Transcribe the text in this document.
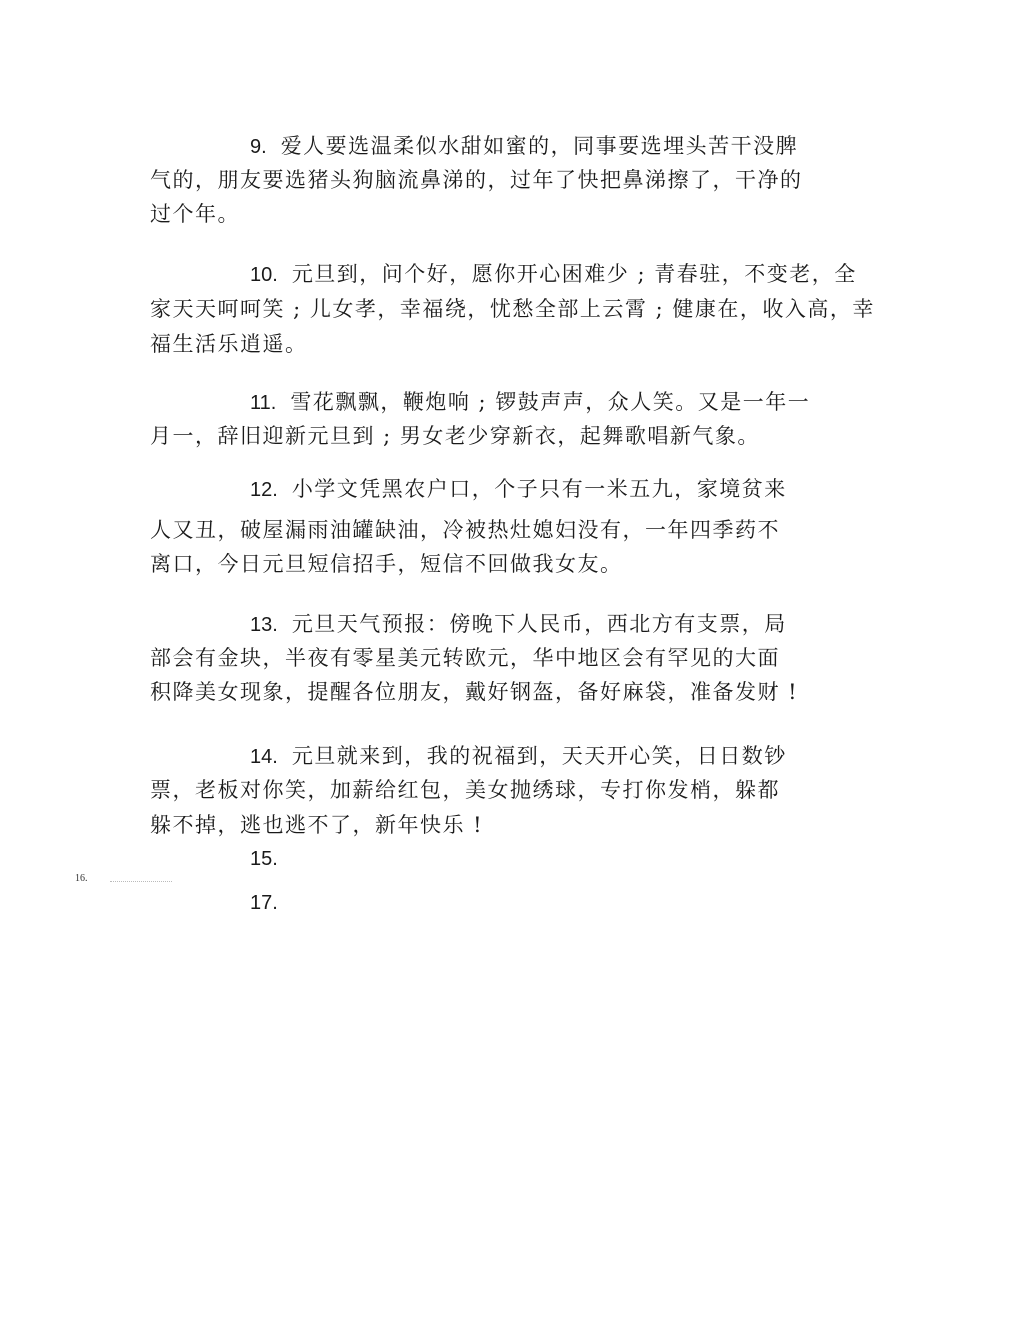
9. 爱人要选温柔似水甜如蜜的，同事要选埋头苦干没脾
气的，朋友要选猪头狗脑流鼻涕的，过年了快把鼻涕擦了，干净的
过个年。
10. 元旦到，问个好，愿你开心困难少 ; 青春驻，不变老，全
家天天呵呵笑 ; 儿女孝，幸福绕，忧愁全部上云霄 ; 健康在，收入高，幸
福生活乐逍遥。
11. 雪花飘飘，鞭炮响 ; 锣鼓声声，众人笑。又是一年一
月一，辞旧迎新元旦到 ; 男女老少穿新衣，起舞歌唱新气象。
12. 小学文凭黑农户口，个子只有一米五九，家境贫来
人又丑，破屋漏雨油罐缺油，冷被热灶媳妇没有，一年四季药不
离口，今日元旦短信招手，短信不回做我女友。
13. 元旦天气预报：傍晚下人民币，西北方有支票，局
部会有金块，半夜有零星美元转欧元，华中地区会有罕见的大面
积降美女现象，提醒各位朋友，戴好钢盔，备好麻袋，准备发财 !
14. 元旦就来到，我的祝福到，天天开心笑，日日数钞
票，老板对你笑，加薪给红包，美女抛绣球，专打你发梢，躲都
躲不掉，逃也逃不了，新年快乐 !
15.
16.
17.
